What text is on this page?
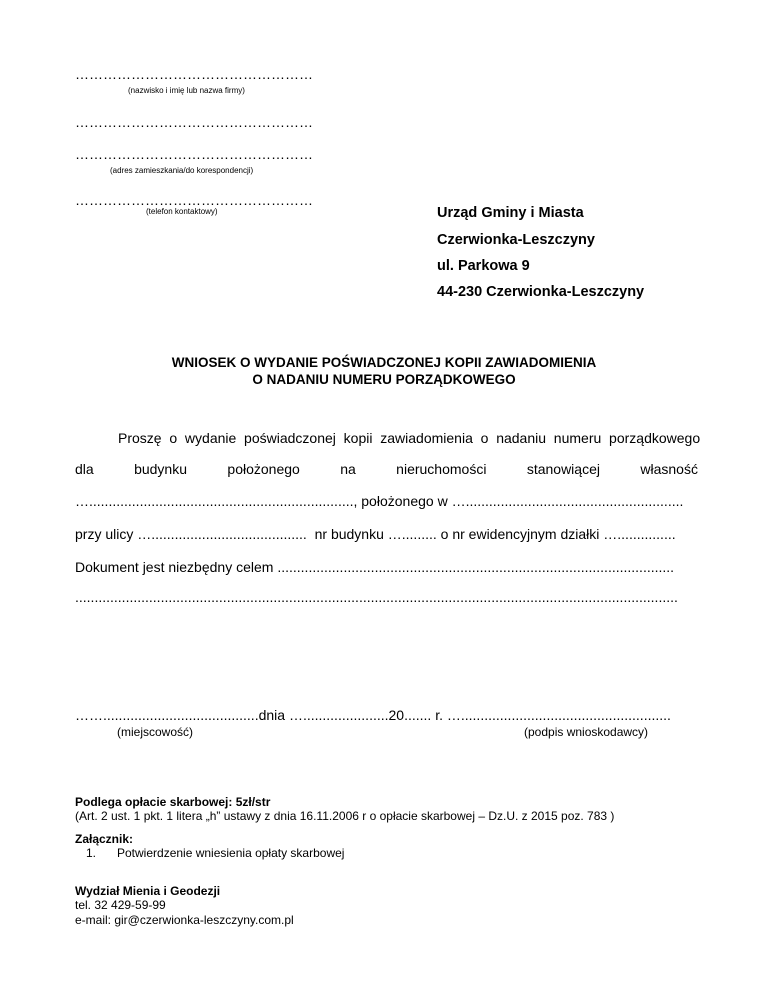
……………………………………………
(nazwisko i imię lub nazwa firmy)
……………………………………………
……………………………………………
(adres zamieszkania/do korespondencji)
……………………………………………
(telefon kontaktowy)	Urząd Gminy i Miasta
Czerwionka-Leszczyny
ul. Parkowa 9
44-230 Czerwionka-Leszczyny
WNIOSEK O WYDANIE POŚWIADCZONEJ KOPII ZAWIADOMIENIA
O NADANIU NUMERU PORZĄDKOWEGO
Proszę  o  wydanie  poświadczonej  kopii  zawiadomienia  o  nadaniu  numeru  porządkowego
dla	budynku	położonego	na	nieruchomości	stanowiącej	własność
…...................................................................., położonego w …........................................................
przy ulicy …........................................  nr budynku …......... o nr ewidencyjnym działki …...............
Dokument jest niezbędny celem ......................................................................................................
...........................................................................................................................................................
……........................................dnia …......................20....... r. …......................................................
(miejscowość)	(podpis wnioskodawcy)
Podlega opłacie skarbowej: 5zł/str
(Art. 2 ust. 1 pkt. 1 litera „h” ustawy z dnia 16.11.2006 r o opłacie skarbowej – Dz.U. z 2015 poz. 783 )
Załącznik:
1. Potwierdzenie wniesienia opłaty skarbowej
Wydział Mienia i Geodezji
tel. 32 429-59-99
e-mail: gir@czerwionka-leszczyny.com.pl
